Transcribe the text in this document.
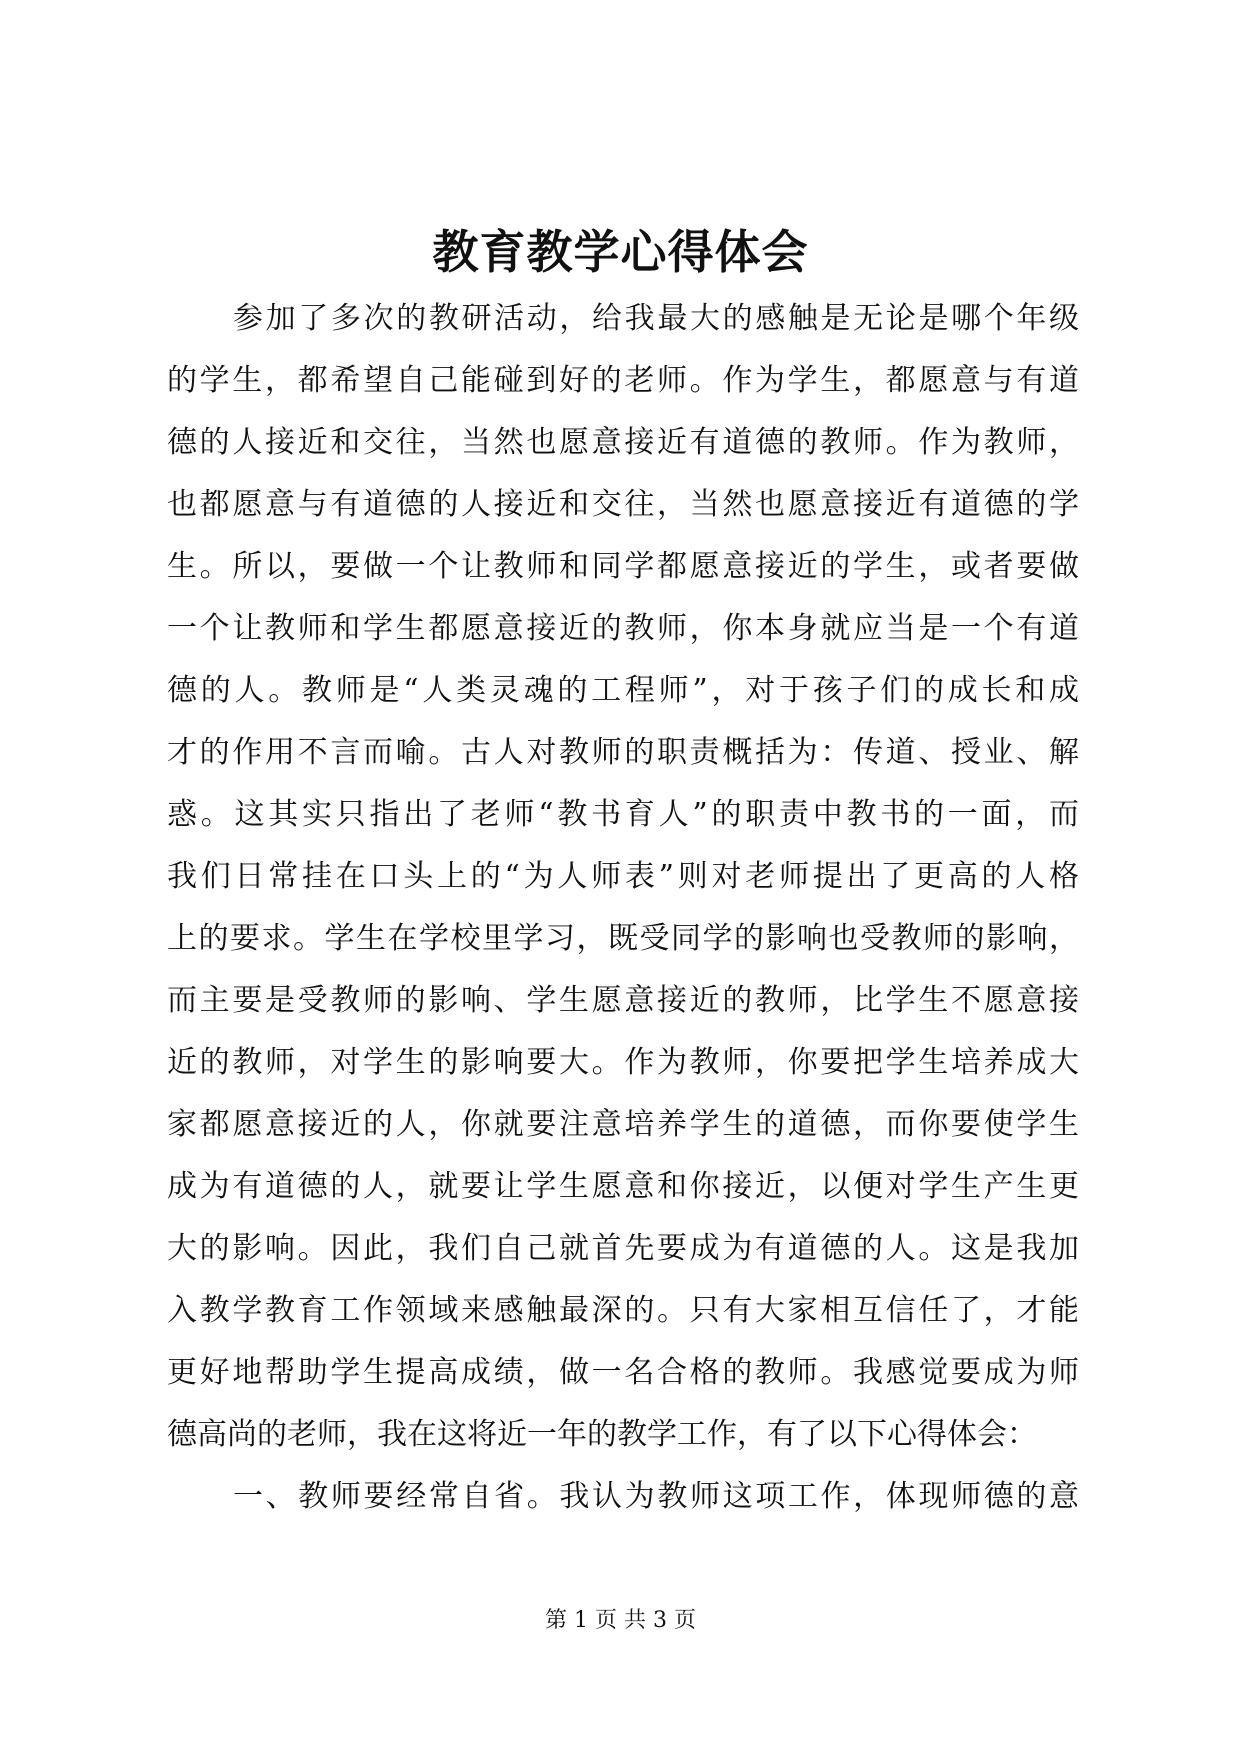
教育教学心得体会
参加了多次的教研活动，给我最大的感触是无论是哪个年级
的学生，都希望自己能碰到好的老师。作为学生，都愿意与有道
德的人接近和交往，当然也愿意接近有道德的教师。作为教师，
也都愿意与有道德的人接近和交往，当然也愿意接近有道德的学
生。所以，要做一个让教师和同学都愿意接近的学生，或者要做
一个让教师和学生都愿意接近的教师，你本身就应当是一个有道
德的人。教师是“人类灵魂的工程师”，对于孩子们的成长和成
才的作用不言而喻。古人对教师的职责概括为：传道、授业、解
惑。这其实只指出了老师“教书育人”的职责中教书的一面，而
我们日常挂在口头上的“为人师表”则对老师提出了更高的人格
上的要求。学生在学校里学习，既受同学的影响也受教师的影响，
而主要是受教师的影响、学生愿意接近的教师，比学生不愿意接
近的教师，对学生的影响要大。作为教师，你要把学生培养成大
家都愿意接近的人，你就要注意培养学生的道德，而你要使学生
成为有道德的人，就要让学生愿意和你接近，以便对学生产生更
大的影响。因此，我们自己就首先要成为有道德的人。这是我加
入教学教育工作领域来感触最深的。只有大家相互信任了，才能
更好地帮助学生提高成绩，做一名合格的教师。我感觉要成为师
德高尚的老师，我在这将近一年的教学工作，有了以下心得体会：
一、教师要经常自省。我认为教师这项工作，体现师德的意
第 1 页 共 3 页
